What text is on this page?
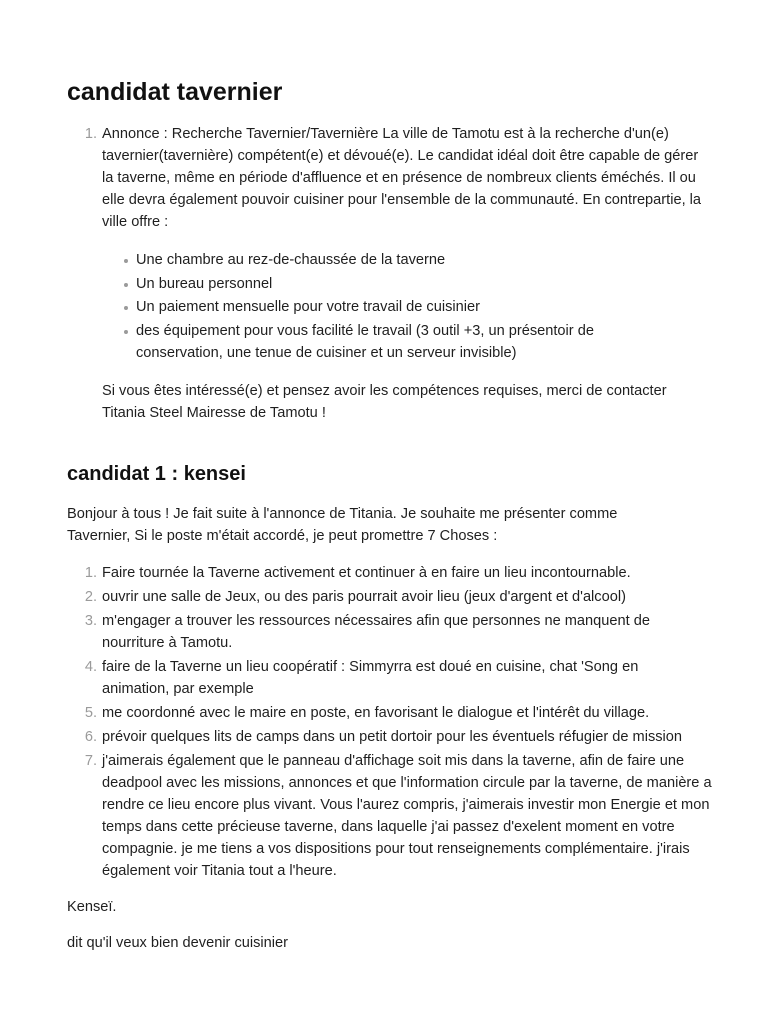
candidat tavernier
1. Annonce : Recherche Tavernier/Tavernière La ville de Tamotu est à la recherche d'un(e) tavernier(tavernière) compétent(e) et dévoué(e). Le candidat idéal doit être capable de gérer la taverne, même en période d'affluence et en présence de nombreux clients éméchés. Il ou elle devra également pouvoir cuisiner pour l'ensemble de la communauté. En contrepartie, la ville offre :

Une chambre au rez-de-chaussée de la taverne
Un bureau personnel
Un paiement mensuelle pour votre travail de cuisinier
des équipement pour vous facilité le travail (3 outil +3, un présentoir de conservation, une tenue de cuisiner et un serveur invisible)

Si vous êtes intéressé(e) et pensez avoir les compétences requises, merci de contacter Titania Steel Mairesse de Tamotu !

candidat 1 : kensei

Bonjour à tous ! Je fait suite à l'annonce de Titania. Je souhaite me présenter comme Tavernier, Si le poste m'était accordé, je peut promettre 7 Choses :

1. Faire tournée la Taverne activement et continuer à en faire un lieu incontournable.
2. ouvrir une salle de Jeux, ou des paris pourrait avoir lieu (jeux d'argent et d'alcool)
3. m'engager a trouver les ressources nécessaires afin que personnes ne manquent de nourriture à Tamotu.
4. faire de la Taverne un lieu coopératif : Simmyrra est doué en cuisine, chat 'Song en animation, par exemple
5. me coordonné avec le maire en poste, en favorisant le dialogue et l'intérêt du village.
6. prévoir quelques lits de camps dans un petit dortoir pour les éventuels réfugier de mission
7. j'aimerais également que le panneau d'affichage soit mis dans la taverne, afin de faire une deadpool avec les missions, annonces et que l'information circule par la taverne, de manière a rendre ce lieu encore plus vivant. Vous l'aurez compris, j'aimerais investir mon Energie et mon temps dans cette précieuse taverne, dans laquelle j'ai passez d'exelent moment en votre compagnie. je me tiens a vos dispositions pour tout renseignements complémentaire. j'irais également voir Titania tout a l'heure.

Kenseï.

dit qu'il veux bien devenir cuisinier
